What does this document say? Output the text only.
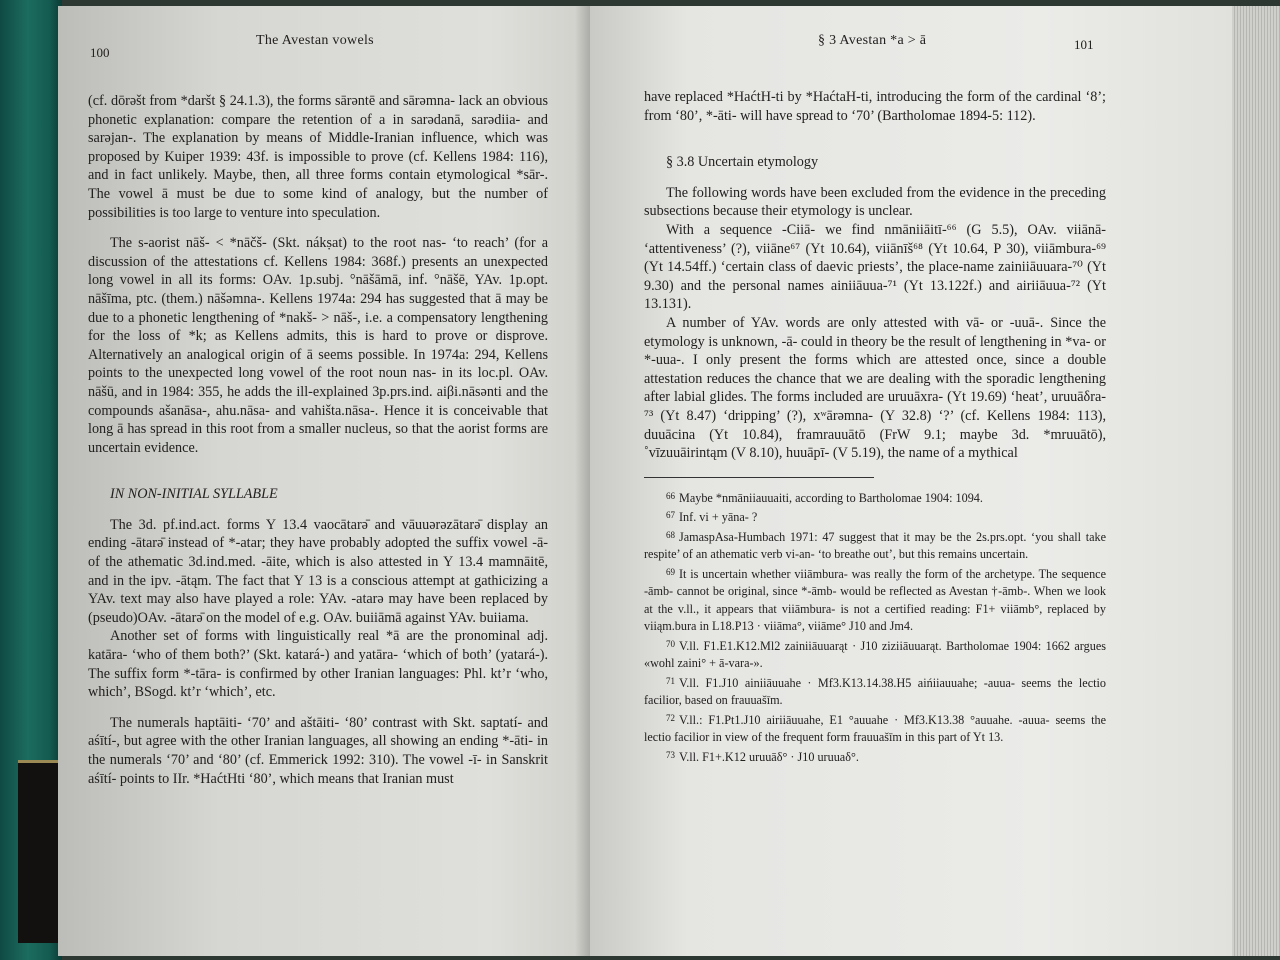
100
The Avestan vowels

(cf. dōrəšt from *daršt § 24.1.3), the forms sārəntē and sārəmna- lack an obvious phonetic explanation: compare the retention of a in sarədanā, sarədiia- and sarəjan-. The explanation by means of Middle-Iranian influence, which was proposed by Kuiper 1939: 43f. is impossible to prove (cf. Kellens 1984: 116), and in fact unlikely. Maybe, then, all three forms contain etymological *sār-. The vowel ā must be due to some kind of analogy, but the number of possibilities is too large to venture into speculation.

The s-aorist nāš- < *nāčš- (Skt. nákṣat) to the root nas- ‘to reach’ (for a discussion of the attestations cf. Kellens 1984: 368f.) presents an unexpected long vowel in all its forms: OAv. 1p.subj. °nāšāmā, inf. °nāšē, YAv. 1p.opt. nāšīma, ptc. (them.) nāšəmna-. Kellens 1974a: 294 has suggested that ā may be due to a phonetic lengthening of *nakš- > nāš-, i.e. a compensatory lengthening for the loss of *k; as Kellens admits, this is hard to prove or disprove. Alternatively an analogical origin of ā seems possible. In 1974a: 294, Kellens points to the unexpected long vowel of the root noun nas- in its loc.pl. OAv. nāšū, and in 1984: 355, he adds the ill-explained 3p.prs.ind. aiβi.nāsənti and the compounds ašanāsa-, ahu.nāsa- and vahišta.nāsa-. Hence it is conceivable that long ā has spread in this root from a smaller nucleus, so that the aorist forms are uncertain evidence.

IN NON-INITIAL SYLLABLE

The 3d. pf.ind.act. forms Y 13.4 vaocātarə̄ and vāuuərəzātarə̄ display an ending -ātarə̄ instead of *-atar; they have probably adopted the suffix vowel -ā- of the athematic 3d.ind.med. -āite, which is also attested in Y 13.4 mamnāitē, and in the ipv. -ātąm. The fact that Y 13 is a conscious attempt at gathicizing a YAv. text may also have played a role: YAv. -atarə may have been replaced by (pseudo)OAv. -ātarə̄ on the model of e.g. OAv. buiiāmā against YAv. buiiama.

Another set of forms with linguistically real *ā are the pronominal adj. katāra- ‘who of them both?’ (Skt. katará-) and yatāra- ‘which of both’ (yatará-). The suffix form *-tāra- is confirmed by other Iranian languages: Phl. kt’r ‘who, which’, BSogd. kt’r ‘which’, etc.

The numerals haptāiti- ‘70’ and aštāiti- ‘80’ contrast with Skt. saptatí- and aśītí-, but agree with the other Iranian languages, all showing an ending *-āti- in the numerals ‘70’ and ‘80’ (cf. Emmerick 1992: 310). The vowel -ī- in Sanskrit aśītí- points to IIr. *HaćtHti ‘80’, which means that Iranian must

§ 3 Avestan *a > ā	101

have replaced *HaćtH-ti by *HaćtaH-ti, introducing the form of the cardinal ‘8’; from ‘80’, *-āti- will have spread to ‘70’ (Bartholomae 1894-5: 112).

§ 3.8 Uncertain etymology

The following words have been excluded from the evidence in the preceding subsections because their etymology is unclear.

With a sequence -Ciiā- we find nmāniiāitī-⁶⁶ (G 5.5), OAv. viiānā- ‘attentiveness’ (?), viiāne⁶⁷ (Yt 10.64), viiānīš⁶⁸ (Yt 10.64, P 30), viiāmbura-⁶⁹ (Yt 14.54ff.) ‘certain class of daevic priests’, the place-name zainiiāuuara-⁷⁰ (Yt 9.30) and the personal names ainiiāuua-⁷¹ (Yt 13.122f.) and airiiāuua-⁷² (Yt 13.131).

A number of YAv. words are only attested with vā- or -uuā-. Since the etymology is unknown, -ā- could in theory be the result of lengthening in *va- or *-uua-. I only present the forms which are attested once, since a double attestation reduces the chance that we are dealing with the sporadic lengthening after labial glides. The forms included are uruuāxra- (Yt 19.69) ‘heat’, uruuāδra-⁷³ (Yt 8.47) ‘dripping’ (?), xʷārəmna- (Y 32.8) ‘?’ (cf. Kellens 1984: 113), duuācina (Yt 10.84), framrauuātō (FrW 9.1; maybe 3d. *mruuātō), ˚vīzuuāirintąm (V 8.10), huuāpī- (V 5.19), the name of a mythical

$^{66}$ Maybe *nmāniiauuaiti, according to Bartholomae 1904: 1094.

$^{67}$ Inf. vi + yāna- ?

$^{68}$ JamaspAsa-Humbach 1971: 47 suggest that it may be the 2s.prs.opt. ‘you shall take respite’ of an athematic verb vi-an- ‘to breathe out’, but this remains uncertain.

$^{69}$ It is uncertain whether viiāmbura- was really the form of the archetype. The sequence -āmb- cannot be original, since *-āmb- would be reflected as Avestan †-āmb-. When we look at the v.ll., it appears that viiāmbura- is not a certified reading: F1+ viiāmb°, replaced by viiąm.bura in L18.P13 · viiāma°, viiāme° J10 and Jm4.

$^{70}$ V.ll. F1.E1.K12.Ml2 zainiiāuuarąt · J10 ziziiāuuarąt. Bartholomae 1904: 1662 argues «wohl zaini° + ā-vara-».

$^{71}$ V.ll. F1.J10 ainiiāuuahe · Mf3.K13.14.38.H5 aińiiauuahe; -auua- seems the lectio facilior, based on frauuašīm.

$^{72}$ V.ll.: F1.Pt1.J10 airiiāuuahe, E1 °auuahe · Mf3.K13.38 °auuahe. -auua- seems the lectio facilior in view of the frequent form frauuašīm in this part of Yt 13.

$^{73}$ V.ll. F1+.K12 uruuāδ° · J10 uruuaδ°.
